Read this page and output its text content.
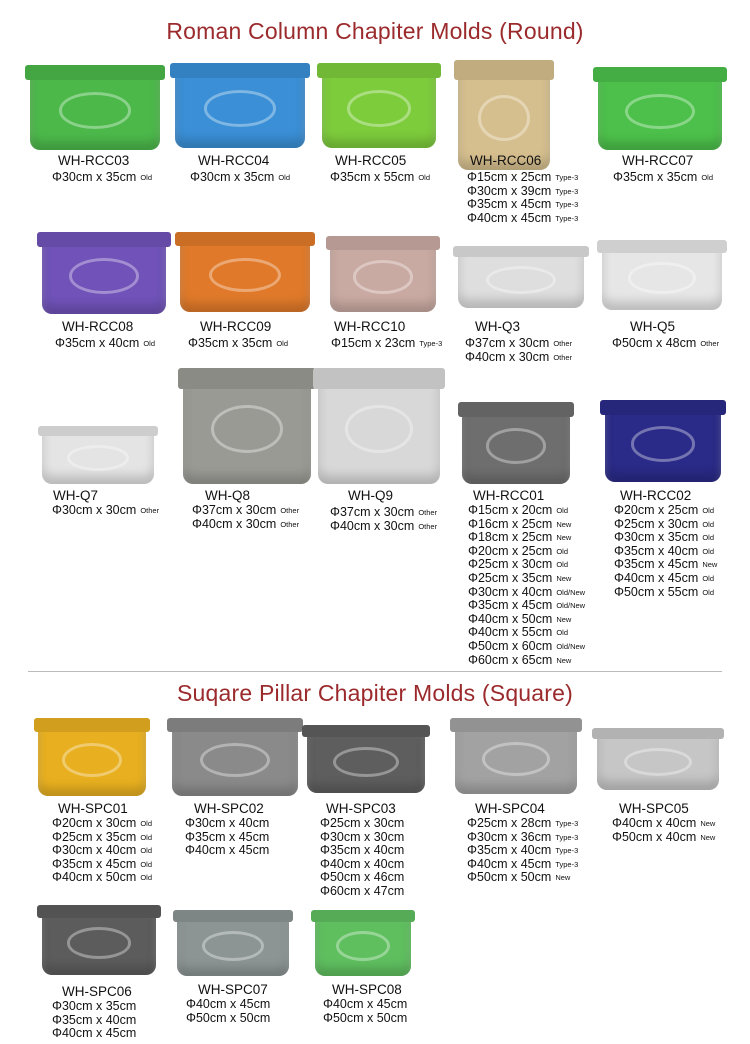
Roman Column Chapiter Molds (Round)
Suqare Pillar Chapiter Molds (Square)
WH-RCC03
Φ30cm x 35cm Old
WH-RCC04
Φ30cm x 35cm Old
WH-RCC05
Φ35cm x 55cm Old
WH-RCC06
Φ15cm x 25cm Type-3
Φ30cm x 39cm Type-3
Φ35cm x 45cm Type-3
Φ40cm x 45cm Type-3
WH-RCC07
Φ35cm x 35cm Old
WH-RCC08
Φ35cm x 40cm Old
WH-RCC09
Φ35cm x 35cm Old
WH-RCC10
Φ15cm x 23cm Type-3
WH-Q3
Φ37cm x 30cm Other
Φ40cm x 30cm Other
WH-Q5
Φ50cm x 48cm Other
WH-Q7
Φ30cm x 30cm Other
WH-Q8
Φ37cm x 30cm Other
Φ40cm x 30cm Other
WH-Q9
Φ37cm x 30cm Other
Φ40cm x 30cm Other
WH-RCC01
Φ15cm x 20cm Old
Φ16cm x 25cm New
Φ18cm x 25cm New
Φ20cm x 25cm Old
Φ25cm x 30cm Old
Φ25cm x 35cm New
Φ30cm x 40cm Old/New
Φ35cm x 45cm Old/New
Φ40cm x 50cm New
Φ40cm x 55cm Old
Φ50cm x 60cm Old/New
Φ60cm x 65cm New
WH-RCC02
Φ20cm x 25cm Old
Φ25cm x 30cm Old
Φ30cm x 35cm Old
Φ35cm x 40cm Old
Φ35cm x 45cm New
Φ40cm x 45cm Old
Φ50cm x 55cm Old
WH-SPC01
Φ20cm x 30cm Old
Φ25cm x 35cm Old
Φ30cm x 40cm Old
Φ35cm x 45cm Old
Φ40cm x 50cm Old
WH-SPC02
Φ30cm x 40cm
Φ35cm x 45cm
Φ40cm x 45cm
WH-SPC03
Φ25cm x 30cm
Φ30cm x 30cm
Φ35cm x 40cm
Φ40cm x 40cm
Φ50cm x 46cm
Φ60cm x 47cm
WH-SPC04
Φ25cm x 28cm Type-3
Φ30cm x 36cm Type-3
Φ35cm x 40cm Type-3
Φ40cm x 45cm Type-3
Φ50cm x 50cm New
WH-SPC05
Φ40cm x 40cm New
Φ50cm x 40cm New
WH-SPC06
Φ30cm x 35cm
Φ35cm x 40cm
Φ40cm x 45cm
WH-SPC07
Φ40cm x 45cm
Φ50cm x 50cm
WH-SPC08
Φ40cm x 45cm
Φ50cm x 50cm
